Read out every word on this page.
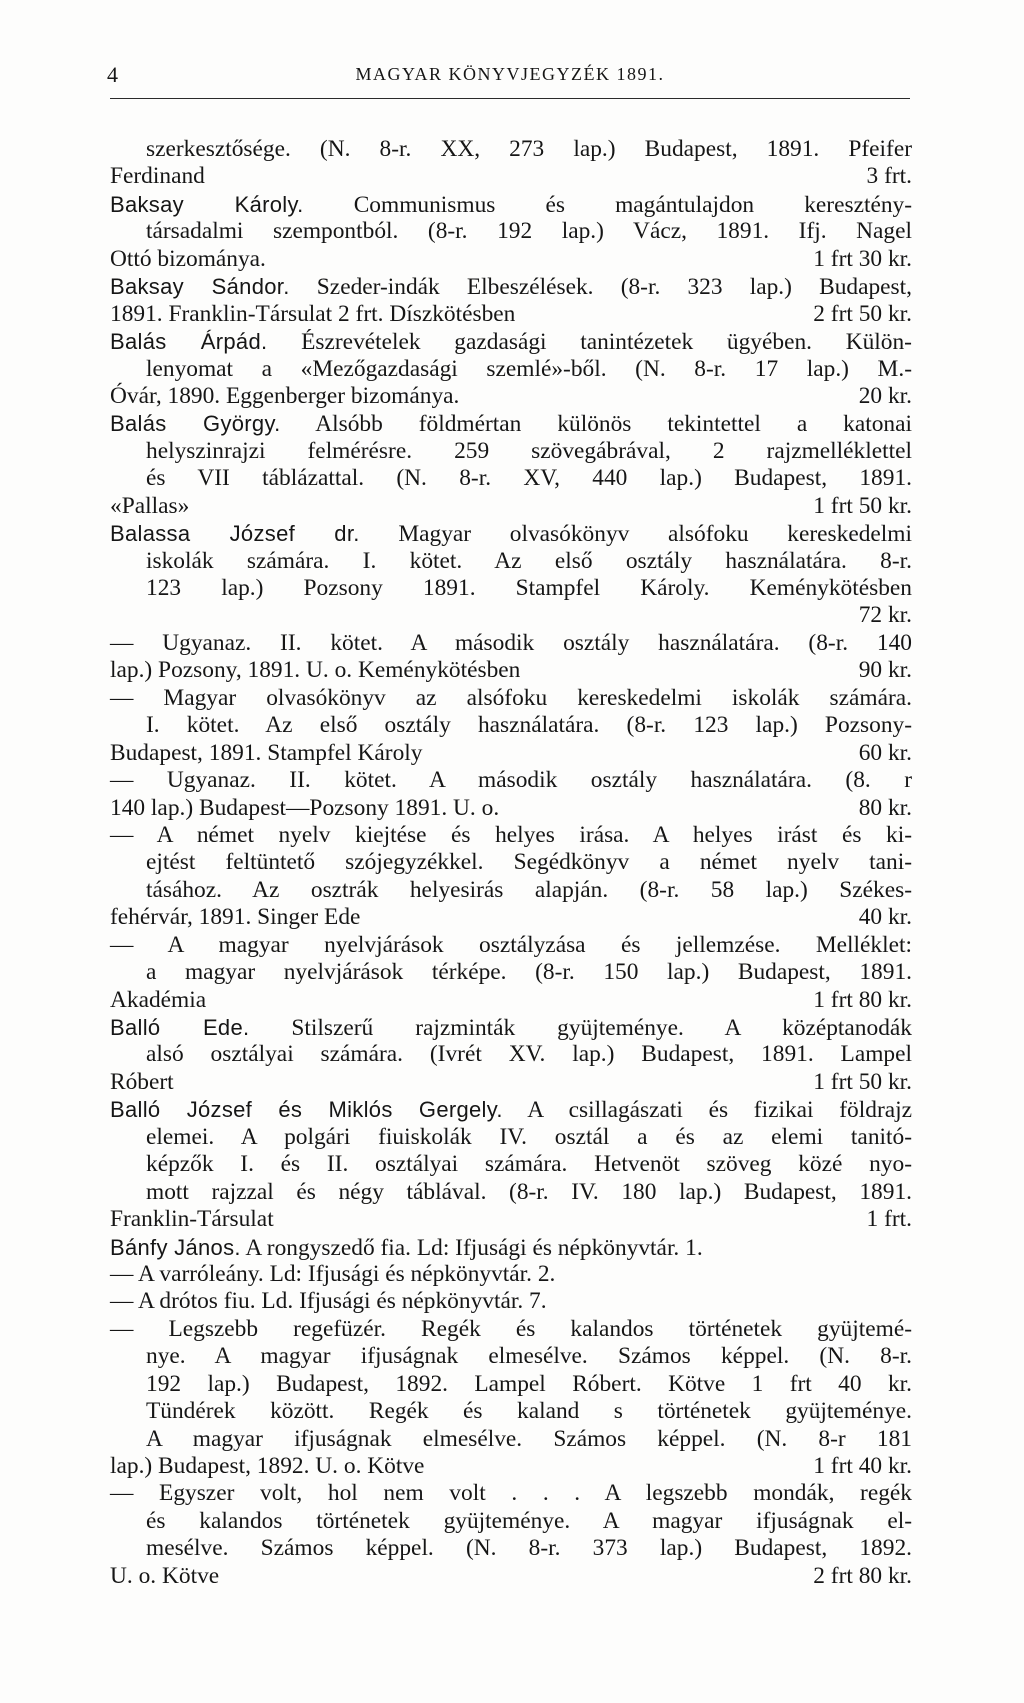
4	MAGYAR KÖNYVJEGYZÉK 1891.
szerkesztősége. (N. 8-r. XX, 273 lap.) Budapest, 1891. Pfeifer
Ferdinand	3 frt.
Baksay Károly. Communismus és magántulajdon keresztény-
társadalmi szempontból. (8-r. 192 lap.) Vácz, 1891. Ifj. Nagel
Ottó bizománya.	1 frt 30 kr.
Baksay Sándor. Szeder-indák Elbeszélések. (8-r. 323 lap.) Budapest,
1891. Franklin-Társulat 2 frt. Díszkötésben	2 frt 50 kr.
Balás Árpád. Észrevételek gazdasági tanintézetek ügyében. Külön-
lenyomat a «Mezőgazdasági szemlé»-ből. (N. 8-r. 17 lap.) M.-
Óvár, 1890. Eggenberger bizománya.	20 kr.
Balás György. Alsóbb földmértan különös tekintettel a katonai
helyszinrajzi felmérésre. 259 szövegábrával, 2 rajzmelléklettel
és VII táblázattal. (N. 8-r. XV, 440 lap.) Budapest, 1891.
«Pallas»	1 frt 50 kr.
Balassa József dr. Magyar olvasókönyv alsófoku kereskedelmi
iskolák számára. I. kötet. Az első osztály használatára. 8-r.
123 lap.) Pozsony 1891. Stampfel Károly. Keménykötésben
72 kr.
— Ugyanaz. II. kötet. A második osztály használatára. (8-r. 140
lap.) Pozsony, 1891. U. o. Keménykötésben	90 kr.
— Magyar olvasókönyv az alsófoku kereskedelmi iskolák számára.
I. kötet. Az első osztály használatára. (8-r. 123 lap.) Pozsony-
Budapest, 1891. Stampfel Károly	60 kr.
— Ugyanaz. II. kötet. A második osztály használatára. (8. r
140 lap.) Budapest—Pozsony 1891. U. o.	80 kr.
— A német nyelv kiejtése és helyes irása. A helyes irást és ki-
ejtést feltüntető szójegyzékkel. Segédkönyv a német nyelv tani-
tásához. Az osztrák helyesirás alapján. (8-r. 58 lap.) Székes-
fehérvár, 1891. Singer Ede	40 kr.
— A magyar nyelvjárások osztályzása és jellemzése. Melléklet:
a magyar nyelvjárások térképe. (8-r. 150 lap.) Budapest, 1891.
Akadémia	1 frt 80 kr.
Balló Ede. Stilszerű rajzminták gyüjteménye. A középtanodák
alsó osztályai számára. (Ivrét XV. lap.) Budapest, 1891. Lampel
Róbert	1 frt 50 kr.
Balló József és Miklós Gergely. A csillagászati és fizikai földrajz
elemei. A polgári fiuiskolák IV. osztál a és az elemi tanitó-
képzők I. és II. osztályai számára. Hetvenöt szöveg közé nyo-
mott rajzzal és négy táblával. (8-r. IV. 180 lap.) Budapest, 1891.
Franklin-Társulat	1 frt.
Bánfy János. A rongyszedő fia. Ld: Ifjusági és népkönyvtár. 1.
— A varróleány. Ld: Ifjusági és népkönyvtár. 2.
— A drótos fiu. Ld. Ifjusági és népkönyvtár. 7.
— Legszebb regefüzér. Regék és kalandos történetek gyüjtemé-
nye. A magyar ifjuságnak elmesélve. Számos képpel. (N. 8-r.
192 lap.) Budapest, 1892. Lampel Róbert. Kötve 1 frt 40 kr.
Tündérek között. Regék és kaland s történetek gyüjteménye.
A magyar ifjuságnak elmesélve. Számos képpel. (N. 8-r 181
lap.) Budapest, 1892. U. o. Kötve	1 frt 40 kr.
— Egyszer volt, hol nem volt . . . A legszebb mondák, regék
és kalandos történetek gyüjteménye. A magyar ifjuságnak el-
mesélve. Számos képpel. (N. 8-r. 373 lap.) Budapest, 1892.
U. o. Kötve	2 frt 80 kr.
